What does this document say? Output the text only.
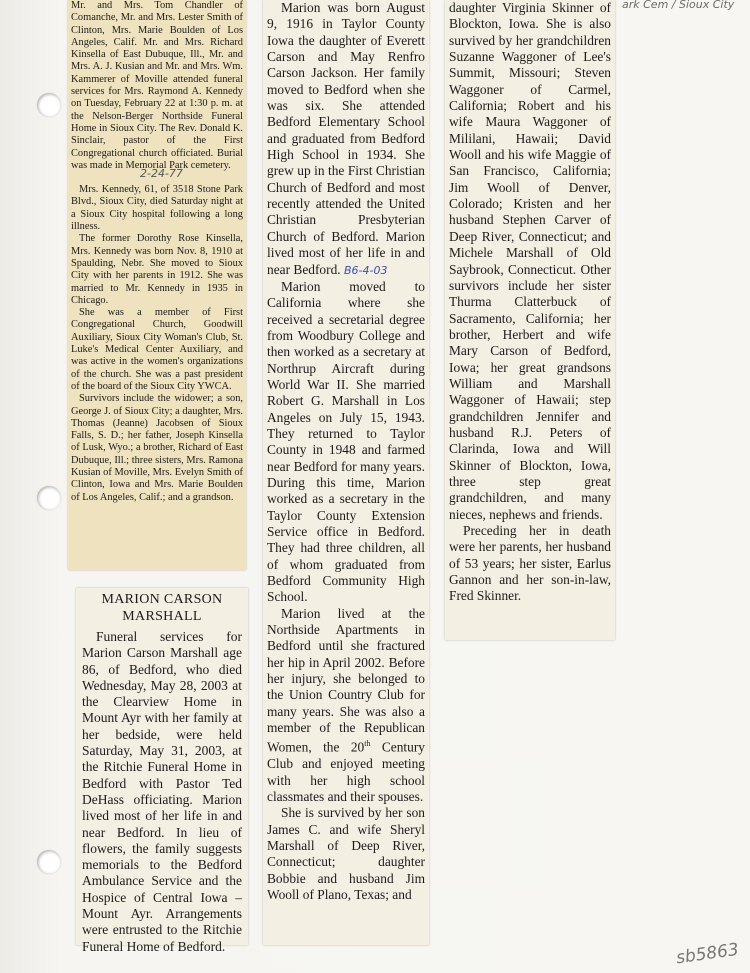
ark Cem / Sioux City

Mr. and Mrs. Tom Chandler of Comanche, Mr. and Mrs. Lester Smith of Clinton, Mrs. Marie Boulden of Los Angeles, Calif. Mr. and Mrs. Richard Kinsella of East Dubuque, Ill., Mr. and Mrs. A. J. Kusian and Mr. and Mrs. Wm. Kammerer of Moville attended funeral services for Mrs. Raymond A. Kennedy on Tuesday, February 22 at 1:30 p. m. at the Nelson-Berger Northside Funeral Home in Sioux City. The Rev. Donald K. Sinclair, pastor of the First Congregational church officiated. Burial was made in Memorial Park cemetery.

Mrs. Kennedy, 61, of 3518 Stone Park Blvd., Sioux City, died Saturday night at a Sioux City hospital following a long illness.

The former Dorothy Rose Kinsella, Mrs. Kennedy was born Nov. 8, 1910 at Spaulding, Nebr. She moved to Sioux City with her parents in 1912. She was married to Mr. Kennedy in 1935 in Chicago.

She was a member of First Congregational Church, Goodwill Auxiliary, Sioux City Woman's Club, St. Luke's Medical Center Auxiliary, and was active in the women's organizations of the church. She was a past president of the board of the Sioux City YWCA.

Survivors include the widower; a son, George J. of Sioux City; a daughter, Mrs. Thomas (Jeanne) Jacobsen of Sioux Falls, S. D.; her father, Joseph Kinsella of Lusk, Wyo.; a brother, Richard of East Dubuque, Ill.; three sisters, Mrs. Ramona Kusian of Moville, Mrs. Evelyn Smith of Clinton, Iowa and Mrs. Marie Boulden of Los Angeles, Calif.; and a grandson.

2-24-77
MARION CARSON
MARSHALL

Funeral services for Marion Carson Marshall age 86, of Bedford, who died Wednesday, May 28, 2003 at the Clearview Home in Mount Ayr with her family at her bedside, were held Saturday, May 31, 2003, at the Ritchie Funeral Home in Bedford with Pastor Ted DeHass officiating. Marion lived most of her life in and near Bedford. In lieu of flowers, the family suggests memorials to the Bedford Ambulance Service and the Hospice of Central Iowa – Mount Ayr. Arrangements were entrusted to the Ritchie Funeral Home of Bedford.

Marion was born August 9, 1916 in Taylor County Iowa the daughter of Everett Carson and May Renfro Carson Jackson. Her family moved to Bedford when she was six. She attended Bedford Elementary School and graduated from Bedford High School in 1934. She grew up in the First Christian Church of Bedford and most recently attended the United Christian Presbyterian Church of Bedford. Marion lived most of her life in and near Bedford. B6-4-03

Marion moved to California where she received a secretarial degree from Woodbury College and then worked as a secretary at Northrup Aircraft during World War II. She married Robert G. Marshall in Los Angeles on July 15, 1943. They returned to Taylor County in 1948 and farmed near Bedford for many years. During this time, Marion worked as a secretary in the Taylor County Extension Service office in Bedford. They had three children, all of whom graduated from Bedford Community High School.

Marion lived at the Northside Apartments in Bedford until she fractured her hip in April 2002. Before her injury, she belonged to the Union Country Club for many years. She was also a member of the Republican Women, the 20th Century Club and enjoyed meeting with her high school classmates and their spouses.

She is survived by her son James C. and wife Sheryl Marshall of Deep River, Connecticut; daughter Bobbie and husband Jim Wooll of Plano, Texas; and

daughter Virginia Skinner of Blockton, Iowa. She is also survived by her grandchildren Suzanne Waggoner of Lee's Summit, Missouri; Steven Waggoner of Carmel, California; Robert and his wife Maura Waggoner of Mililani, Hawaii; David Wooll and his wife Maggie of San Francisco, California; Jim Wooll of Denver, Colorado; Kristen and her husband Stephen Carver of Deep River, Connecticut; and Michele Marshall of Old Saybrook, Connecticut. Other survivors include her sister Thurma Clatterbuck of Sacramento, California; her brother, Herbert and wife Mary Carson of Bedford, Iowa; her great grandsons William and Marshall Waggoner of Hawaii; step grandchildren Jennifer and husband R.J. Peters of Clarinda, Iowa and Will Skinner of Blockton, Iowa, three step great grandchildren, and many nieces, nephews and friends.

Preceding her in death were her parents, her husband of 53 years; her sister, Earlus Gannon and her son-in-law, Fred Skinner.

sb5863
